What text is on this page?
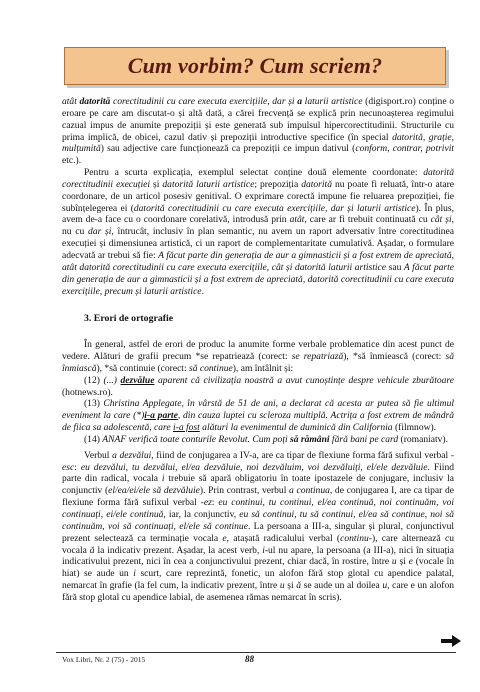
Cum vorbim? Cum scriem?

atât datorită corectitudinii cu care executa exercițiile, dar și a laturii artistice (digisport.ro) conține o eroare pe care am discutat-o și altă dată, a cărei frecvență se explică prin necunoașterea regimului cazual impus de anumite prepoziții și este generată sub impulsul hipercorectitudinii. Structurile cu prima implică, de obicei, cazul dativ și prepoziții introductive specifice (în special datorită, grație, mulțumită) sau adjective care funcționează ca prepoziții ce impun dativul (conform, contrar, potrivit etc.).

Pentru a scurta explicația, exemplul selectat conține două elemente coordonate: datorită corectitudinii execuției și datorită laturii artistice; prepoziția datorită nu poate fi reluată, într-o atare coordonare, de un articol posesiv genitival. O exprimare corectă impune fie reluarea prepoziției, fie subînțelegerea ei (datorită corectitudinii cu care executa exercițiile, dar și laturii artistice). În plus, avem de-a face cu o coordonare corelativă, introdusă prin atât, care ar fi trebuit continuată cu cât și, nu cu dar și, întrucât, inclusiv în plan semantic, nu avem un raport adversativ între corectitudinea execuției și dimensiunea artistică, ci un raport de complementaritate cumulativă. Așadar, o formulare adecvată ar trebui să fie: A făcut parte din generația de aur a gimnasticii și a fost extrem de apreciată, atât datorită corectitudinii cu care executa exercițiile, cât și datorită laturii artistice sau A făcut parte din generația de aur a gimnasticii și a fost extrem de apreciată, datorită corectitudinii cu care executa exercițiile, precum și laturii artistice.

3. Erori de ortografie

În general, astfel de erori de produc la anumite forme verbale problematice din acest punct de vedere. Alături de grafii precum *se repatriează (corect: se repatriază), *să înmiească (corect: să înmiască), *să continuie (corect: să continue), am întâlnit și:

(12) (...) dezvălue aparent că civilizația noastră a avut cunoștințe despre vehicule zburătoare (hotnews.ro).

(13) Christina Applegate, în vârstă de 51 de ani, a declarat că acesta ar putea să fie ultimul eveniment la care (*)i-a parte, din cauza luptei cu scleroza multiplă. Actrița a fost extrem de mândră de fiica sa adolescentă, care i-a fost alături la evenimentul de duminică din California (filmnow).

(14) ANAF verifică toate conturile Revolut. Cum poți să rămâni fără bani pe card (romaniatv).

Verbul a dezvălui, fiind de conjugarea a IV-a, are ca tipar de flexiune forma fără sufixul verbal -esc: eu dezvălui, tu dezvălui, el/ea dezvăluie, noi dezvăluim, voi dezvăluiți, el/ele dezvăluie. Fiind parte din radical, vocala i trebuie să apară obligatoriu în toate ipostazele de conjugare, inclusiv la conjunctiv (el/ea/ei/ele să dezvăluie). Prin contrast, verbul a continua, de conjugarea I, are ca tipar de flexiune forma fără sufixul verbal -ez: eu continui, tu continui, el/ea continuă, noi continuăm, voi continuați, ei/ele continuă, iar, la conjunctiv, eu să continui, tu să continui, el/ea să continue, noi să continuăm, voi să continuați, el/ele să continue. La persoana a III-a, singular și plural, conjunctivul prezent selectează ca terminație vocala e, atașată radicalului verbal (continu-), care alternează cu vocala ă la indicativ prezent. Așadar, la acest verb, i-ul nu apare, la persoana (a III-a), nici în situația indicativului prezent, nici în cea a conjunctivului prezent, chiar dacă, în rostire, între u și e (vocale în hiat) se aude un i scurt, care reprezintă, fonetic, un alofon fără stop glotal cu apendice palatal, nemarcat în grafie (la fel cum, la indicativ prezent, între u și ă se aude un al doilea u, care e un alofon fără stop glotal cu apendice labial, de asemenea rămas nemarcat în scris).

Vox Libri, Nr. 2 (75) - 2015	88
